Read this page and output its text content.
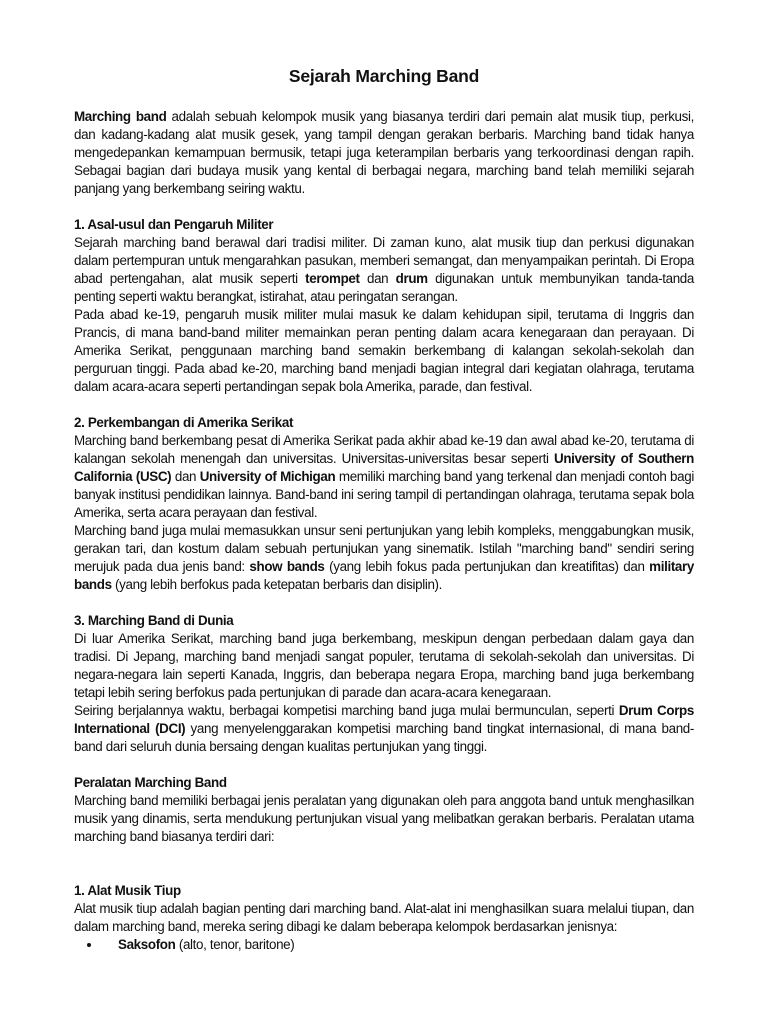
Sejarah Marching Band

Marching band adalah sebuah kelompok musik yang biasanya terdiri dari pemain alat musik tiup, perkusi, dan kadang-kadang alat musik gesek, yang tampil dengan gerakan berbaris. Marching band tidak hanya mengedepankan kemampuan bermusik, tetapi juga keterampilan berbaris yang terkoordinasi dengan rapih. Sebagai bagian dari budaya musik yang kental di berbagai negara, marching band telah memiliki sejarah panjang yang berkembang seiring waktu.

1. Asal-usul dan Pengaruh Militer

Sejarah marching band berawal dari tradisi militer. Di zaman kuno, alat musik tiup dan perkusi digunakan dalam pertempuran untuk mengarahkan pasukan, memberi semangat, dan menyampaikan perintah. Di Eropa abad pertengahan, alat musik seperti terompet dan drum digunakan untuk membunyikan tanda-tanda penting seperti waktu berangkat, istirahat, atau peringatan serangan.

Pada abad ke-19, pengaruh musik militer mulai masuk ke dalam kehidupan sipil, terutama di Inggris dan Prancis, di mana band-band militer memainkan peran penting dalam acara kenegaraan dan perayaan. Di Amerika Serikat, penggunaan marching band semakin berkembang di kalangan sekolah-sekolah dan perguruan tinggi. Pada abad ke-20, marching band menjadi bagian integral dari kegiatan olahraga, terutama dalam acara-acara seperti pertandingan sepak bola Amerika, parade, dan festival.

2. Perkembangan di Amerika Serikat

Marching band berkembang pesat di Amerika Serikat pada akhir abad ke-19 dan awal abad ke-20, terutama di kalangan sekolah menengah dan universitas. Universitas-universitas besar seperti University of Southern California (USC) dan University of Michigan memiliki marching band yang terkenal dan menjadi contoh bagi banyak institusi pendidikan lainnya. Band-band ini sering tampil di pertandingan olahraga, terutama sepak bola Amerika, serta acara perayaan dan festival.

Marching band juga mulai memasukkan unsur seni pertunjukan yang lebih kompleks, menggabungkan musik, gerakan tari, dan kostum dalam sebuah pertunjukan yang sinematik. Istilah "marching band" sendiri sering merujuk pada dua jenis band: show bands (yang lebih fokus pada pertunjukan dan kreatifitas) dan military bands (yang lebih berfokus pada ketepatan berbaris dan disiplin).

3. Marching Band di Dunia

Di luar Amerika Serikat, marching band juga berkembang, meskipun dengan perbedaan dalam gaya dan tradisi. Di Jepang, marching band menjadi sangat populer, terutama di sekolah-sekolah dan universitas. Di negara-negara lain seperti Kanada, Inggris, dan beberapa negara Eropa, marching band juga berkembang tetapi lebih sering berfokus pada pertunjukan di parade dan acara-acara kenegaraan.

Seiring berjalannya waktu, berbagai kompetisi marching band juga mulai bermunculan, seperti Drum Corps International (DCI) yang menyelenggarakan kompetisi marching band tingkat internasional, di mana band-band dari seluruh dunia bersaing dengan kualitas pertunjukan yang tinggi.

Peralatan Marching Band

Marching band memiliki berbagai jenis peralatan yang digunakan oleh para anggota band untuk menghasilkan musik yang dinamis, serta mendukung pertunjukan visual yang melibatkan gerakan berbaris. Peralatan utama marching band biasanya terdiri dari:

1. Alat Musik Tiup

Alat musik tiup adalah bagian penting dari marching band. Alat-alat ini menghasilkan suara melalui tiupan, dan dalam marching band, mereka sering dibagi ke dalam beberapa kelompok berdasarkan jenisnya:

• Saksofon (alto, tenor, baritone)
